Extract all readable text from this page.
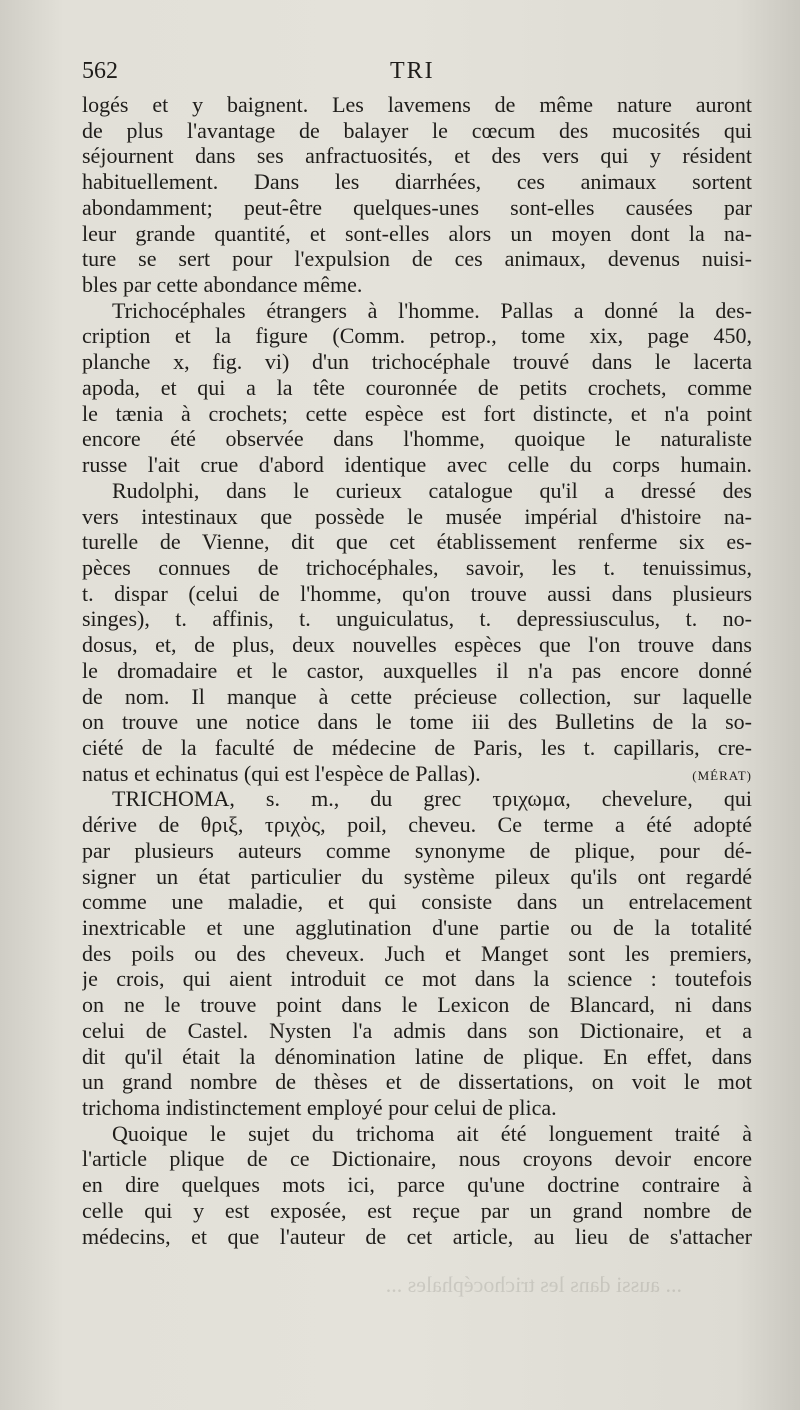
562	TRI
logés et y baignent. Les lavemens de même nature auront
de plus l'avantage de balayer le cœcum des mucosités qui
séjournent dans ses anfractuosités, et des vers qui y résident
habituellement. Dans les diarrhées, ces animaux sortent
abondamment; peut-être quelques-unes sont-elles causées par
leur grande quantité, et sont-elles alors un moyen dont la na-
ture se sert pour l'expulsion de ces animaux, devenus nuisi-
bles par cette abondance même.
Trichocéphales étrangers à l'homme. Pallas a donné la des-
cription et la figure (Comm. petrop., tome xix, page 450,
planche x, fig. vi) d'un trichocéphale trouvé dans le lacerta
apoda, et qui a la tête couronnée de petits crochets, comme
le tænia à crochets; cette espèce est fort distincte, et n'a point
encore été observée dans l'homme, quoique le naturaliste
russe l'ait crue d'abord identique avec celle du corps humain.
Rudolphi, dans le curieux catalogue qu'il a dressé des
vers intestinaux que possède le musée impérial d'histoire na-
turelle de Vienne, dit que cet établissement renferme six es-
pèces connues de trichocéphales, savoir, les t. tenuissimus,
t. dispar (celui de l'homme, qu'on trouve aussi dans plusieurs
singes), t. affinis, t. unguiculatus, t. depressiusculus, t. no-
dosus, et, de plus, deux nouvelles espèces que l'on trouve dans
le dromadaire et le castor, auxquelles il n'a pas encore donné
de nom. Il manque à cette précieuse collection, sur laquelle
on trouve une notice dans le tome iii des Bulletins de la so-
ciété de la faculté de médecine de Paris, les t. capillaris, cre-
natus et echinatus (qui est l'espèce de Pallas).	(MÉRAT)
TRICHOMA, s. m., du grec τριχωμα, chevelure, qui
dérive de θριξ, τριχὸς, poil, cheveu. Ce terme a été adopté
par plusieurs auteurs comme synonyme de plique, pour dé-
signer un état particulier du système pileux qu'ils ont regardé
comme une maladie, et qui consiste dans un entrelacement
inextricable et une agglutination d'une partie ou de la totalité
des poils ou des cheveux. Juch et Manget sont les premiers,
je crois, qui aient introduit ce mot dans la science : toutefois
on ne le trouve point dans le Lexicon de Blancard, ni dans
celui de Castel. Nysten l'a admis dans son Dictionaire, et a
dit qu'il était la dénomination latine de plique. En effet, dans
un grand nombre de thèses et de dissertations, on voit le mot
trichoma indistinctement employé pour celui de plica.
Quoique le sujet du trichoma ait été longuement traité à
l'article plique de ce Dictionaire, nous croyons devoir encore
en dire quelques mots ici, parce qu'une doctrine contraire à
celle qui y est exposée, est reçue par un grand nombre de
médecins, et que l'auteur de cet article, au lieu de s'attacher
... aussi dans les trichocéphales ...
